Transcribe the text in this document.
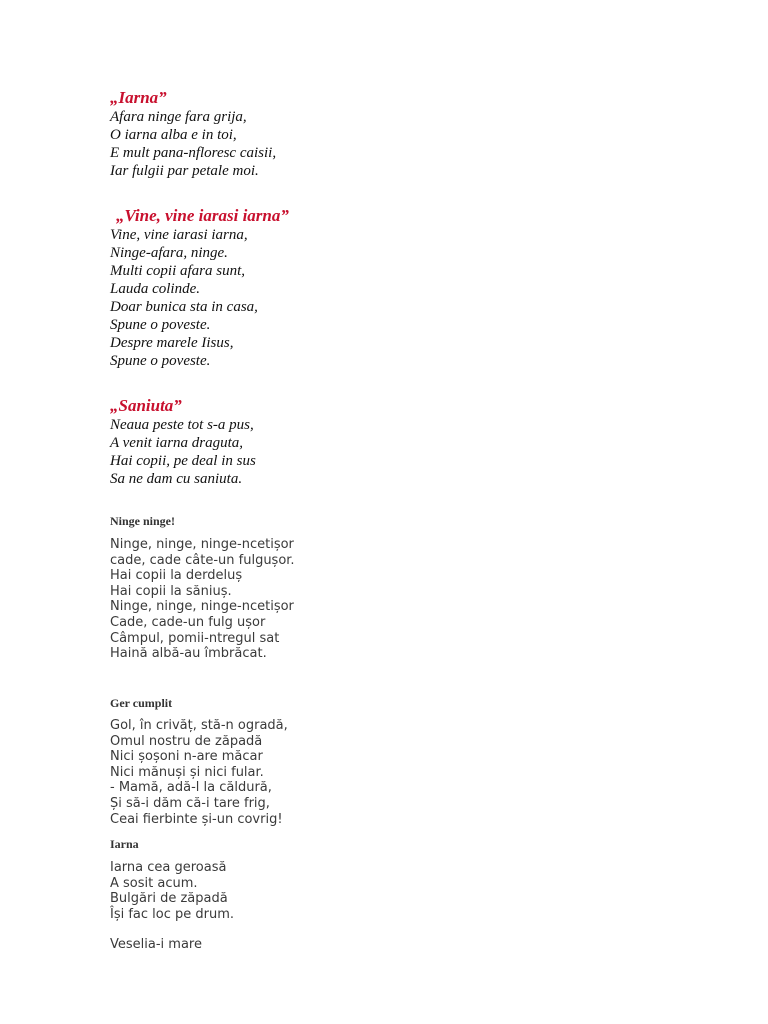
„Iarna”
Afara ninge fara grija,
O iarna alba e in toi,
E mult pana-nfloresc caisii,
Iar fulgii par petale moi.
„Vine, vine iarasi iarna”
Vine, vine iarasi iarna,
Ninge-afara, ninge.
Multi copii afara sunt,
Lauda colinde.
Doar bunica sta in casa,
Spune o poveste.
Despre marele Iisus,
Spune o poveste.
„Saniuta”
Neaua peste tot s-a pus,
A venit iarna draguta,
Hai copii, pe deal in sus
Sa ne dam cu saniuta.
Ninge ninge!
Ninge, ninge, ninge-ncetișor
cade, cade câte-un fulgușor.
Hai copii la derdeluș
Hai copii la săniuș.
Ninge, ninge, ninge-ncetișor
Cade, cade-un fulg ușor
Câmpul, pomii-ntregul sat
Haină albă-au îmbrăcat.
Ger cumplit
Gol, în crivăț, stă-n ogradă,
Omul nostru de zăpadă
Nici șoșoni n-are măcar
Nici mănuși și nici fular.
- Mamă, adă-l la căldură,
Și să-i dăm că-i tare frig,
Ceai fierbinte și-un covrig!
Iarna
Iarna cea geroasă
A sosit acum.
Bulgări de zăpadă
Își fac loc pe drum.
Veselia-i mare
